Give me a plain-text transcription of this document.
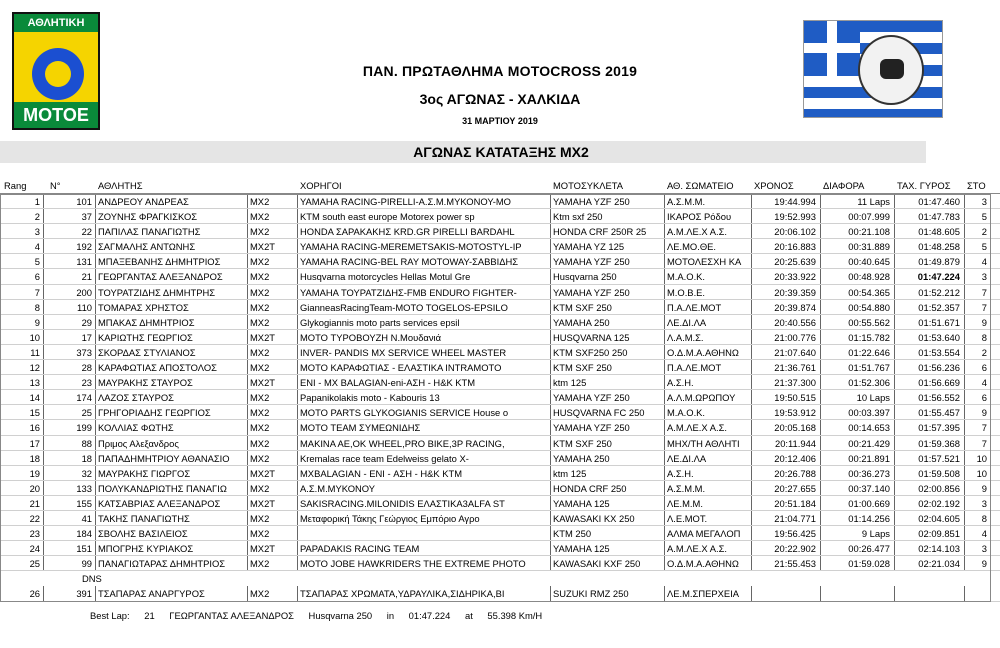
ΑΘΛΗΤΙΚΗ
ΜΟΤΟΕ
ΠΑΝ. ΠΡΩΤΑΘΛΗΜΑ MOTOCROSS 2019
3ος ΑΓΩΝΑΣ - ΧΑΛΚΙΔΑ
31 ΜΑΡΤΙΟΥ 2019
ΑΓΩΝΑΣ ΚΑΤΑΤΑΞΗΣ ΜΧ2
Rang	N°	ΑΘΛΗΤΗΣ	ΧΟΡΗΓΟΙ	ΜΟΤΟΣΥΚΛΕΤΑ	ΑΘ. ΣΩΜΑΤΕΙΟ	ΧΡΟΝΟΣ	ΔΙΑΦΟΡΑ	ΤΑΧ. ΓΥΡΟΣ	ΣΤΟ
1	101 ΑΝΔΡΕΟΥ ΑΝΔΡΕΑΣ	MX2	YAMAHA RACING-PIRELLI-Α.Σ.Μ.ΜΥΚΟΝΟΥ-ΜΟ	YAMAHA YZF 250	Α.Σ.Μ.Μ.	19:44.994	11 Laps	01:47.460	3
2	37 ΖΟΥΝΗΣ ΦΡΑΓΚΙΣΚΟΣ	MX2	KTM south east europe Motorex power sp	Ktm sxf 250	ΙΚΑΡΟΣ Ρόδου	19:52.993	00:07.999	01:47.783	5
3	22 ΠΑΠΙΛΑΣ ΠΑΝΑΓΙΩΤΗΣ	MX2	HONDA ΣΑΡΑΚΑΚΗΣ KRD.GR PIRELLI BARDAHL	HONDA CRF 250R 25	Α.Μ.ΛΕ.Χ Α.Σ.	20:06.102	00:21.108	01:48.605	2
4	192 ΣΑΓΜΑΛΗΣ ΑΝΤΩΝΗΣ	MX2T	YAMAHA RACING-MEREMETSAKIS-MOTOSTYL-IP	YAMAHA YZ 125	ΛΕ.ΜΟ.ΘΕ.	20:16.883	00:31.889	01:48.258	5
5	131 ΜΠΑΞΕΒΑΝΗΣ ΔΗΜΗΤΡΙΟΣ	MX2	YAMAHA RACING-BEL RAY MOTOWAY-ΣΑΒΒΙΔΗΣ	YAMAHA YZF 250	ΜΟΤΟΛΕΣΧΗ ΚΑ	20:25.639	00:40.645	01:49.879	4
6	21 ΓΕΩΡΓΑΝΤΑΣ ΑΛΕΞΑΝΔΡΟΣ	MX2	Husqvarna motorcycles Hellas Motul Gre	Husqvarna 250	Μ.Α.Ο.Κ.	20:33.922	00:48.928	01:47.224	3
7	200 ΤΟΥΡΑΤΖΙΔΗΣ ΔΗΜΗΤΡΗΣ	MX2	YAMAHA ΤΟΥΡΑΤΖΙΔΗΣ-FMB ENDURO FIGHTER-	YAMAHA YZF 250	Μ.Ο.Β.Ε.	20:39.359	00:54.365	01:52.212	7
8	110 ΤΟΜΑΡΑΣ ΧΡΗΣΤΟΣ	MX2	GianneasRacingTeam-MOTO TOGELOS-EPSILO	KTM SXF 250	Π.Α.ΛΕ.ΜΟΤ	20:39.874	00:54.880	01:52.357	7
9	29 ΜΠΑΚΑΣ ΔΗΜΗΤΡΙΟΣ	MX2	Glykogiannis moto parts services epsil	YAMAHA 250	ΛΕ.ΔΙ.ΛΑ	20:40.556	00:55.562	01:51.671	9
10	17 ΚΑΡΙΩΤΗΣ ΓΕΩΡΓΙΟΣ	MX2T	MOTO ΤΥΡΟΒΟΥΖΗ Ν.Μουδανιά	HUSQVARNA 125	Λ.Α.Μ.Σ.	21:00.776	01:15.782	01:53.640	8
11	373 ΣΚΟΡΔΑΣ ΣΤΥΛΙΑΝΟΣ	MX2	INVER- PANDIS MX SERVICE WHEEL MASTER	KTM SXF250 250	Ο.Δ.Μ.Α.ΑΘΗΝΩ	21:07.640	01:22.646	01:53.554	2
12	28 ΚΑΡΑΦΩΤΙΑΣ ΑΠΟΣΤΟΛΟΣ	MX2	MOTO ΚΑΡΑΦΩΤΙΑΣ - ΕΛΑΣΤΙΚΑ INTRAMOTO	KTM SXF 250	Π.Α.ΛΕ.ΜΟΤ	21:36.761	01:51.767	01:56.236	6
13	23 ΜΑΥΡΑΚΗΣ ΣΤΑΥΡΟΣ	MX2T	ENI - MX BALAGIAN-eni-ΑΣΗ - H&K KTM	ktm 125	Α.Σ.Η.	21:37.300	01:52.306	01:56.669	4
14	174 ΛΑΖΟΣ ΣΤΑΥΡΟΣ	MX2	Papanikolakis moto - Kabouris 13	YAMAHA YZF 250	Α.Λ.Μ.ΩΡΩΠΟΥ	19:50.515	10 Laps	01:56.552	6
15	25 ΓΡΗΓΟΡΙΑΔΗΣ ΓΕΩΡΓΙΟΣ	MX2	MOTO PARTS GLYKOGIANIS SERVICE House o	HUSQVARNA FC 250	Μ.Α.Ο.Κ.	19:53.912	00:03.397	01:55.457	9
16	199 ΚΟΛΛΙΑΣ ΦΩΤΗΣ	MX2	MOTO TEAM ΣΥΜΕΩΝΙΔΗΣ	YAMAHA YZF 250	Α.Μ.ΛΕ.Χ Α.Σ.	20:05.168	00:14.653	01:57.395	7
17	88 Πριμος Αλεξανδρος	MX2	MAKINA AE,OK WHEEL,PRO BIKE,3P RACING,	KTM SXF 250	ΜΗΧ/ΤΗ ΑΘΛΗΤΙ	20:11.944	00:21.429	01:59.368	7
18	18 ΠΑΠΑΔΗΜΗΤΡΙΟΥ ΑΘΑΝΑΣΙΟ	MX2	Kremalas race team Edelweiss gelato X-	YAMAHA 250	ΛΕ.ΔΙ.ΛΑ	20:12.406	00:21.891	01:57.521	10
19	32 ΜΑΥΡΑΚΗΣ ΓΙΩΡΓΟΣ	MX2T	MXBALAGIAN - ENI - ΑΣΗ - H&K KTM	ktm 125	Α.Σ.Η.	20:26.788	00:36.273	01:59.508	10
20	133 ΠΟΛΥΚΑΝΔΡΙΩΤΗΣ ΠΑΝΑΓΙΩ	MX2	Α.Σ.Μ.ΜΥΚΟΝΟΥ	HONDA CRF 250	Α.Σ.Μ.Μ.	20:27.655	00:37.140	02:00.856	9
21	155 ΚΑΤΣΑΒΡΙΑΣ ΑΛΕΞΑΝΔΡΟΣ	MX2T	SAKISRACING.MILONIDIS ΕΛΑΣΤΙΚΑ3ALFA ST	YAMAHA 125	ΛΕ.Μ.Μ.	20:51.184	01:00.669	02:02.192	3
22	41 ΤΑΚΗΣ ΠΑΝΑΓΙΩΤΗΣ	MX2	Μεταφορική Τάκης Γεώργιος Εμπόριο Αγρο	KAWASAKI KX 250	Λ.Ε.ΜΟΤ.	21:04.771	01:14.256	02:04.605	8
23	184 ΣΒΟΛΗΣ ΒΑΣΙΛΕΙΟΣ	MX2	KTM 250	ΑΛΜΑ ΜΕΓΑΛΟΠ	19:56.425	9 Laps	02:09.851	4
24	151 ΜΠΟΓΡΗΣ ΚΥΡΙΑΚΟΣ	MX2T	PAPADAKIS RACING TEAM	YAMAHA 125	Α.Μ.ΛΕ.Χ Α.Σ.	20:22.902	00:26.477	02:14.103	3
25	99 ΠΑΝΑΓΙΩΤΑΡΑΣ ΔΗΜΗΤΡΙΟΣ	MX2	MOTO JOBE HAWKRIDERS THE EXTREME PHOTO	KAWASAKI KXF 250	Ο.Δ.Μ.Α.ΑΘΗΝΩ	21:55.453	01:59.028	02:21.034	9
DNS
26	391 ΤΣΑΠΑΡΑΣ ΑΝΑΡΓΥΡΟΣ	MX2	ΤΣΑΠΑΡΑΣ ΧΡΩΜΑΤΑ,ΥΔΡΑΥΛΙΚΑ,ΣΙΔΗΡΙΚΑ,ΒΙ	SUZUKI RMZ 250	ΛΕ.Μ.ΣΠΕΡΧΕΙΑ
Best Lap: 21 ΓΕΩΡΓΑΝΤΑΣ ΑΛΕΞΑΝΔΡΟΣ Husqvarna 250 in 01:47.224 at 55.398 Km/H
